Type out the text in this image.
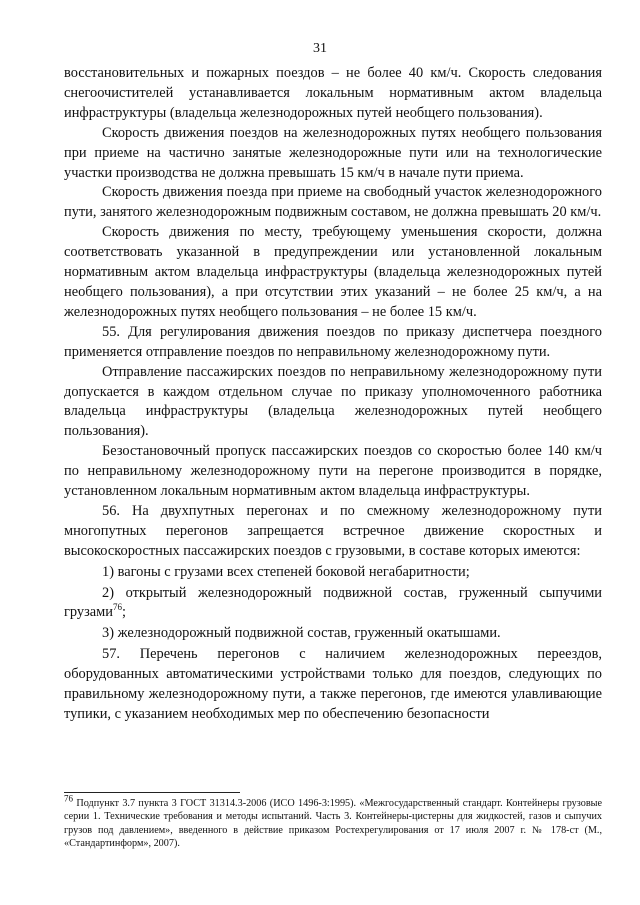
31

восстановительных и пожарных поездов – не более 40 км/ч. Скорость следования снегоочистителей устанавливается локальным нормативным актом владельца инфраструктуры (владельца железнодорожных путей необщего пользования).

Скорость движения поездов на железнодорожных путях необщего пользования при приеме на частично занятые железнодорожные пути или на технологические участки производства не должна превышать 15 км/ч в начале пути приема.

Скорость движения поезда при приеме на свободный участок железнодорожного пути, занятого железнодорожным подвижным составом, не должна превышать 20 км/ч.

Скорость движения по месту, требующему уменьшения скорости, должна соответствовать указанной в предупреждении или установленной локальным нормативным актом владельца инфраструктуры (владельца железнодорожных путей необщего пользования), а при отсутствии этих указаний – не более 25 км/ч, а на железнодорожных путях необщего пользования – не более 15 км/ч.

55. Для регулирования движения поездов по приказу диспетчера поездного применяется отправление поездов по неправильному железнодорожному пути.

Отправление пассажирских поездов по неправильному железнодорожному пути допускается в каждом отдельном случае по приказу уполномоченного работника владельца инфраструктуры (владельца железнодорожных путей необщего пользования).

Безостановочный пропуск пассажирских поездов со скоростью более 140 км/ч по неправильному железнодорожному пути на перегоне производится в порядке, установленном локальным нормативным актом владельца инфраструктуры.

56. На двухпутных перегонах и по смежному железнодорожному пути многопутных перегонов запрещается встречное движение скоростных и высокоскоростных пассажирских поездов с грузовыми, в составе которых имеются:

1) вагоны с грузами всех степеней боковой негабаритности;

2) открытый железнодорожный подвижной состав, груженный сыпучими грузами$^{76}$;

3) железнодорожный подвижной состав, груженный окатышами.

57. Перечень перегонов с наличием железнодорожных переездов, оборудованных автоматическими устройствами только для поездов, следующих по правильному железнодорожному пути, а также перегонов, где имеются улавливающие тупики, с указанием необходимых мер по обеспечению безопасности

$^{76}$ Подпункт 3.7 пункта 3 ГОСТ 31314.3-2006 (ИСО 1496-3:1995). «Межгосударственный стандарт. Контейнеры грузовые серии 1. Технические требования и методы испытаний. Часть 3. Контейнеры-цистерны для жидкостей, газов и сыпучих грузов под давлением», введенного в действие приказом Ростехрегулирования от 17 июля 2007 г. № 178-ст (М., «Стандартинформ», 2007).
